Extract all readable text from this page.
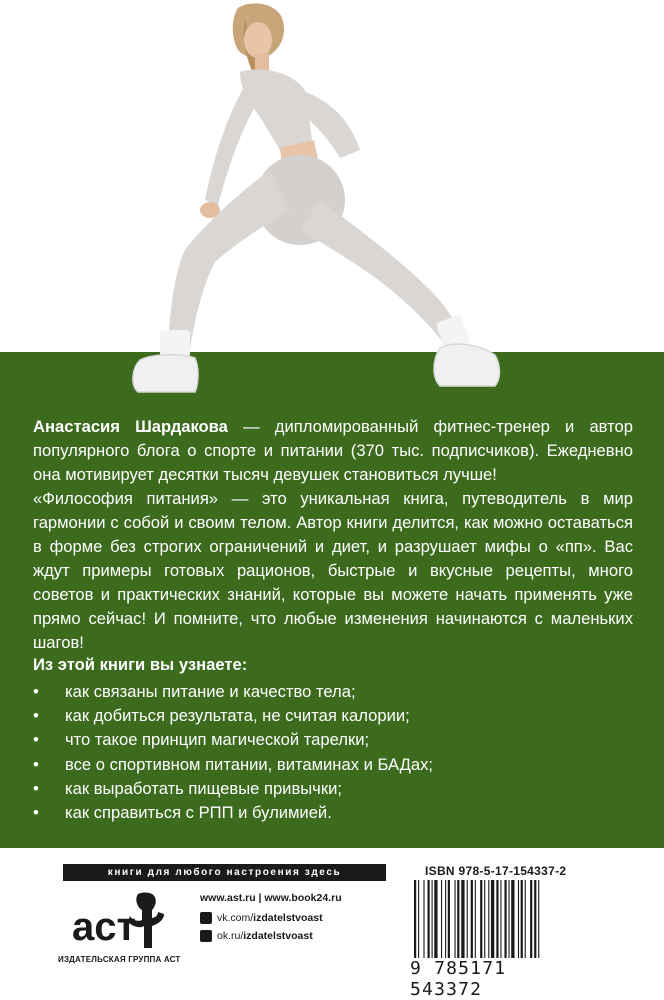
Анастасия Шардакова — дипломированный фитнес-тренер и автор популярного блога о спорте и питании (370 тыс. подписчиков). Ежедневно она мотивирует десятки тысяч девушек становиться лучше!
«Философия питания» — это уникальная книга, путеводитель в мир гармонии с собой и своим телом. Автор книги делится, как можно оставаться в форме без строгих ограничений и диет, и разрушает мифы о «пп». Вас ждут примеры готовых рационов, быстрые и вкусные рецепты, много советов и практических знаний, которые вы можете начать применять уже прямо сейчас! И помните, что любые изменения начинаются с маленьких шагов!
Из этой книги вы узнаете:
• как связаны питание и качество тела;
• как добиться результата, не считая калории;
• что такое принцип магической тарелки;
• все о спортивном питании, витаминах и БАДах;
• как выработать пищевые привычки;
• как справиться с РПП и булимией.
книги для любого настроения здесь
аст
ИЗДАТЕЛЬСКАЯ ГРУППА АСТ
www.ast.ru | www.book24.ru
vk.com/izdatelstvoast
ok.ru/izdatelstvoast
ISBN 978-5-17-154337-2
9 785171 543372
